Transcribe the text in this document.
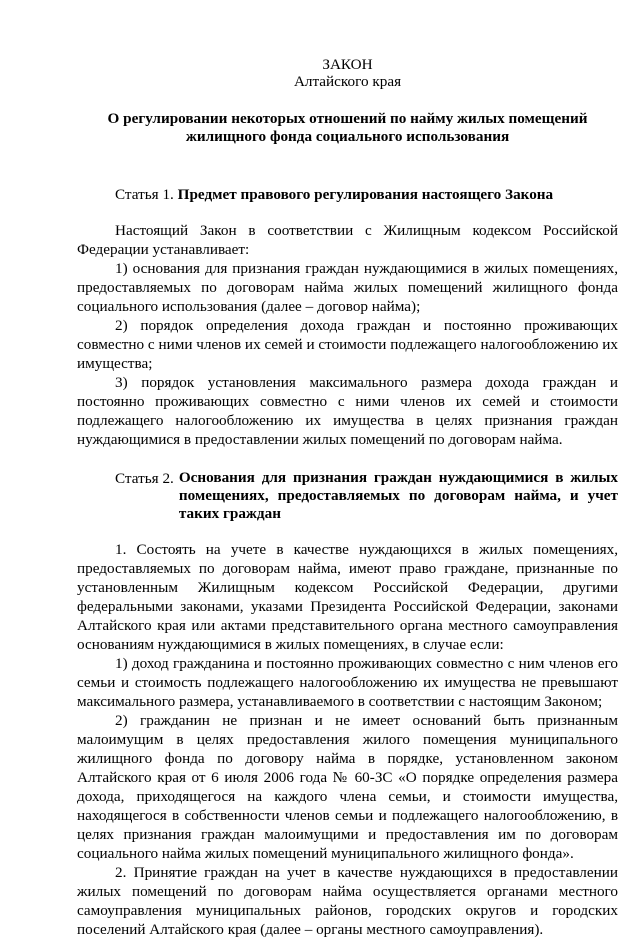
ЗАКОН

Алтайского края

О регулировании некоторых отношений по найму жилых помещений жилищного фонда социального использования

Статья 1. Предмет правового регулирования настоящего Закона

Настоящий Закон в соответствии с Жилищным кодексом Российской Федерации устанавливает:

1) основания для признания граждан нуждающимися в жилых помещениях, предоставляемых по договорам найма жилых помещений жилищного фонда социального использования (далее – договор найма);

2) порядок определения дохода граждан и постоянно проживающих совместно с ними членов их семей и стоимости подлежащего налогообложению их имущества;

3) порядок установления максимального размера дохода граждан и постоянно проживающих совместно с ними членов их семей и стоимости подлежащего налогообложению их имущества в целях признания граждан нуждающимися в предоставлении жилых помещений по договорам найма.

Статья 2. Основания для признания граждан нуждающимися в жилых помещениях, предоставляемых по договорам найма, и учет таких граждан

1. Состоять на учете в качестве нуждающихся в жилых помещениях, предоставляемых по договорам найма, имеют право граждане, признанные по установленным Жилищным кодексом Российской Федерации, другими федеральными законами, указами Президента Российской Федерации, законами Алтайского края или актами представительного органа местного самоуправления основаниям нуждающимися в жилых помещениях, в случае если:

1) доход гражданина и постоянно проживающих совместно с ним членов его семьи и стоимость подлежащего налогообложению их имущества не превышают максимального размера, устанавливаемого в соответствии с настоящим Законом;

2) гражданин не признан и не имеет оснований быть признанным малоимущим в целях предоставления жилого помещения муниципального жилищного фонда по договору найма в порядке, установленном законом Алтайского края от 6 июля 2006 года № 60-ЗС «О порядке определения размера дохода, приходящегося на каждого члена семьи, и стоимости имущества, находящегося в собственности членов семьи и подлежащего налогообложению, в целях признания граждан малоимущими и предоставления им по договорам социального найма жилых помещений муниципального жилищного фонда».

2. Принятие граждан на учет в качестве нуждающихся в предоставлении жилых помещений по договорам найма осуществляется органами местного самоуправления муниципальных районов, городских округов и городских поселений Алтайского края (далее – органы местного самоуправления).
